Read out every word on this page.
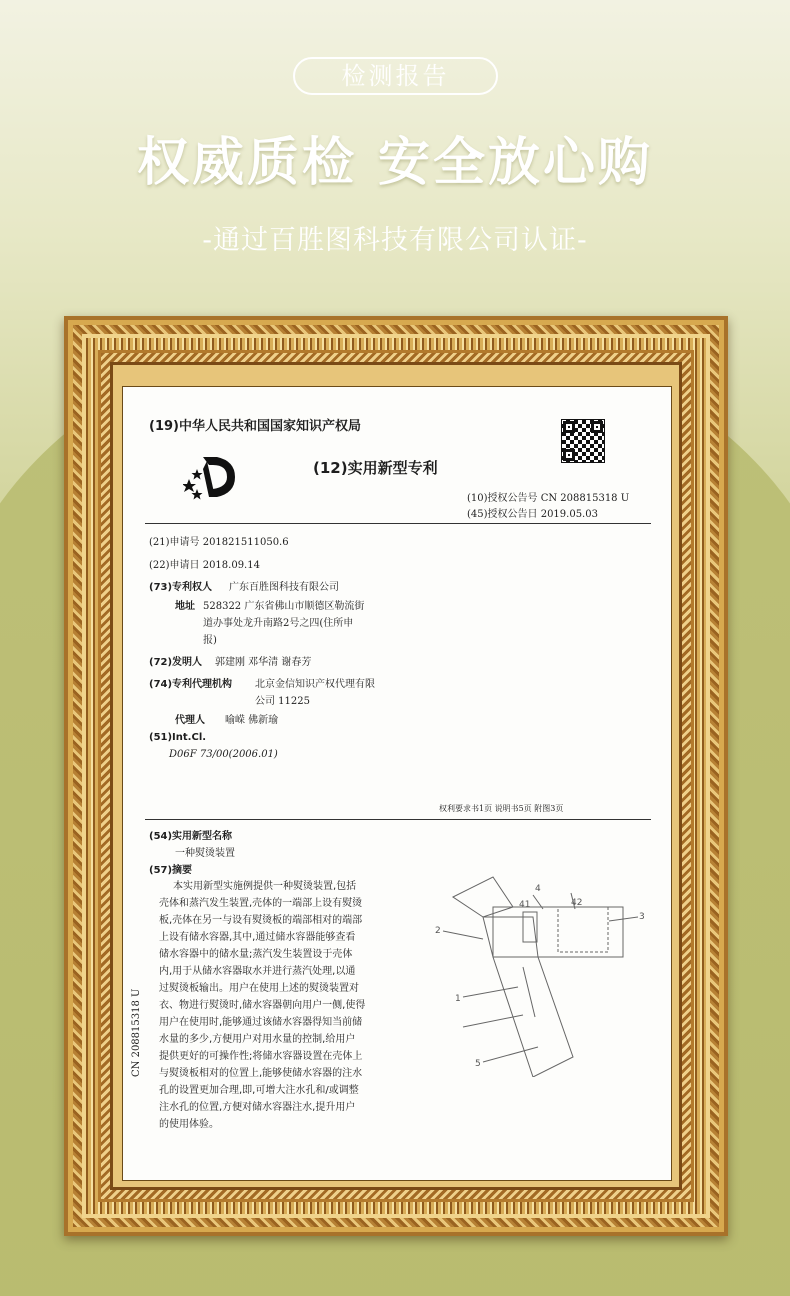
检测报告
权威质检 安全放心购
-通过百胜图科技有限公司认证-
(19)中华人民共和国国家知识产权局
(12)实用新型专利
(10)授权公告号 CN 208815318 U
(45)授权公告日 2019.05.03
(21)申请号 201821511050.6
(22)申请日 2018.09.14
(73)专利权人 广东百胜图科技有限公司
地址 528322 广东省佛山市顺德区勒流街
道办事处龙升南路2号之四(住所申
报)
(72)发明人 郭建刚 邓华清 谢春芳
(74)专利代理机构 北京金信知识产权代理有限
公司 11225
代理人 喻嵘 佛新瑜
(51)Int.Cl.
D06F 73/00(2006.01)
权利要求书1页 说明书5页 附图3页
(54)实用新型名称
一种熨烫装置
(57)摘要
本实用新型实施例提供一种熨烫装置,包括
壳体和蒸汽发生装置,壳体的一端部上设有熨烫
板,壳体在另一与设有熨烫板的端部相对的端部
上设有储水容器,其中,通过储水容器能够查看
储水容器中的储水量;蒸汽发生装置设于壳体
内,用于从储水容器取水并进行蒸汽处理,以通
过熨烫板输出。用户在使用上述的熨烫装置对
衣、物进行熨烫时,储水容器朝向用户一侧,使得
用户在使用时,能够通过该储水容器得知当前储
水量的多少,方便用户对用水量的控制,给用户
提供更好的可操作性;将储水容器设置在壳体上
与熨烫板相对的位置上,能够使储水容器的注水
孔的设置更加合理,即,可增大注水孔和/或调整
注水孔的位置,方便对储水容器注水,提升用户
的使用体验。
4
41	42
3
2
1
5
CN 208815318 U
